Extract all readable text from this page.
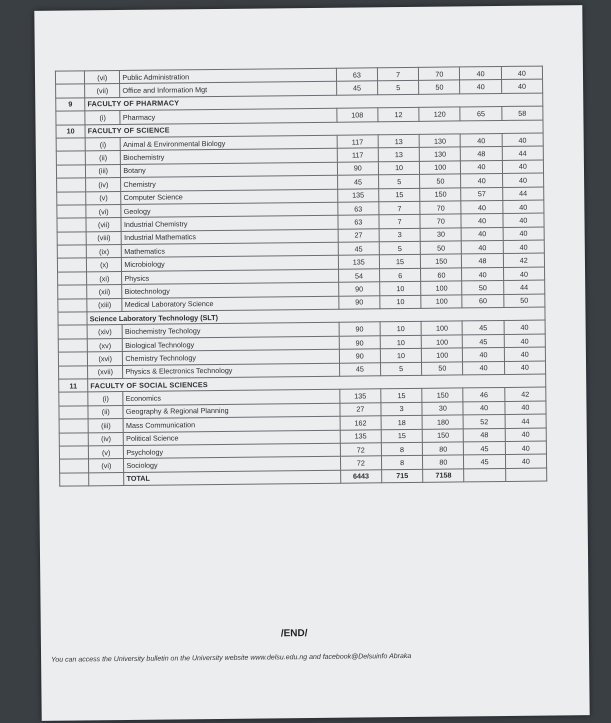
	(vi)	Public Administration	63	7	70	40	40
	(vii)	Office and Information Mgt	45	5	50	40	40
9	FACULTY OF PHARMACY						
	(i)	Pharmacy	108	12	120	65	58
10	FACULTY OF SCIENCE						
	(i)	Animal & Environmental Biology	117	13	130	40	40
	(ii)	Biochemistry	117	13	130	48	44
	(iii)	Botany	90	10	100	40	40
	(iv)	Chemistry	45	5	50	40	40
	(v)	Computer Science	135	15	150	57	44
	(vi)	Geology	63	7	70	40	40
	(vii)	Industrial Chemistry	63	7	70	40	40
	(viii)	Industrial Mathematics	27	3	30	40	40
	(ix)	Mathematics	45	5	50	40	40
	(x)	Microbiology	135	15	150	48	42
	(xi)	Physics	54	6	60	40	40
	(xii)	Biotechnology	90	10	100	50	44
	(xiii)	Medical Laboratory Science	90	10	100	60	50
	Science Laboratory Technology (SLT)						
	(xiv)	Biochemistry Techology	90	10	100	45	40
	(xv)	Biological Technology	90	10	100	45	40
	(xvi)	Chemistry Technology	90	10	100	40	40
	(xvii)	Physics & Electronics Technology	45	5	50	40	40
11	FACULTY OF SOCIAL SCIENCES						
	(i)	Economics	135	15	150	46	42
	(ii)	Geography & Regional Planning	27	3	30	40	40
	(iii)	Mass Communication	162	18	180	52	44
	(iv)	Political Science	135	15	150	48	40
	(v)	Psychology	72	8	80	45	40
	(vi)	Sociology	72	8	80	45	40
		TOTAL	6443	715	7158		
/END/
You can access the University bulletin on the University website www.delsu.edu.ng and facebook@Delsuinfo Abraka
